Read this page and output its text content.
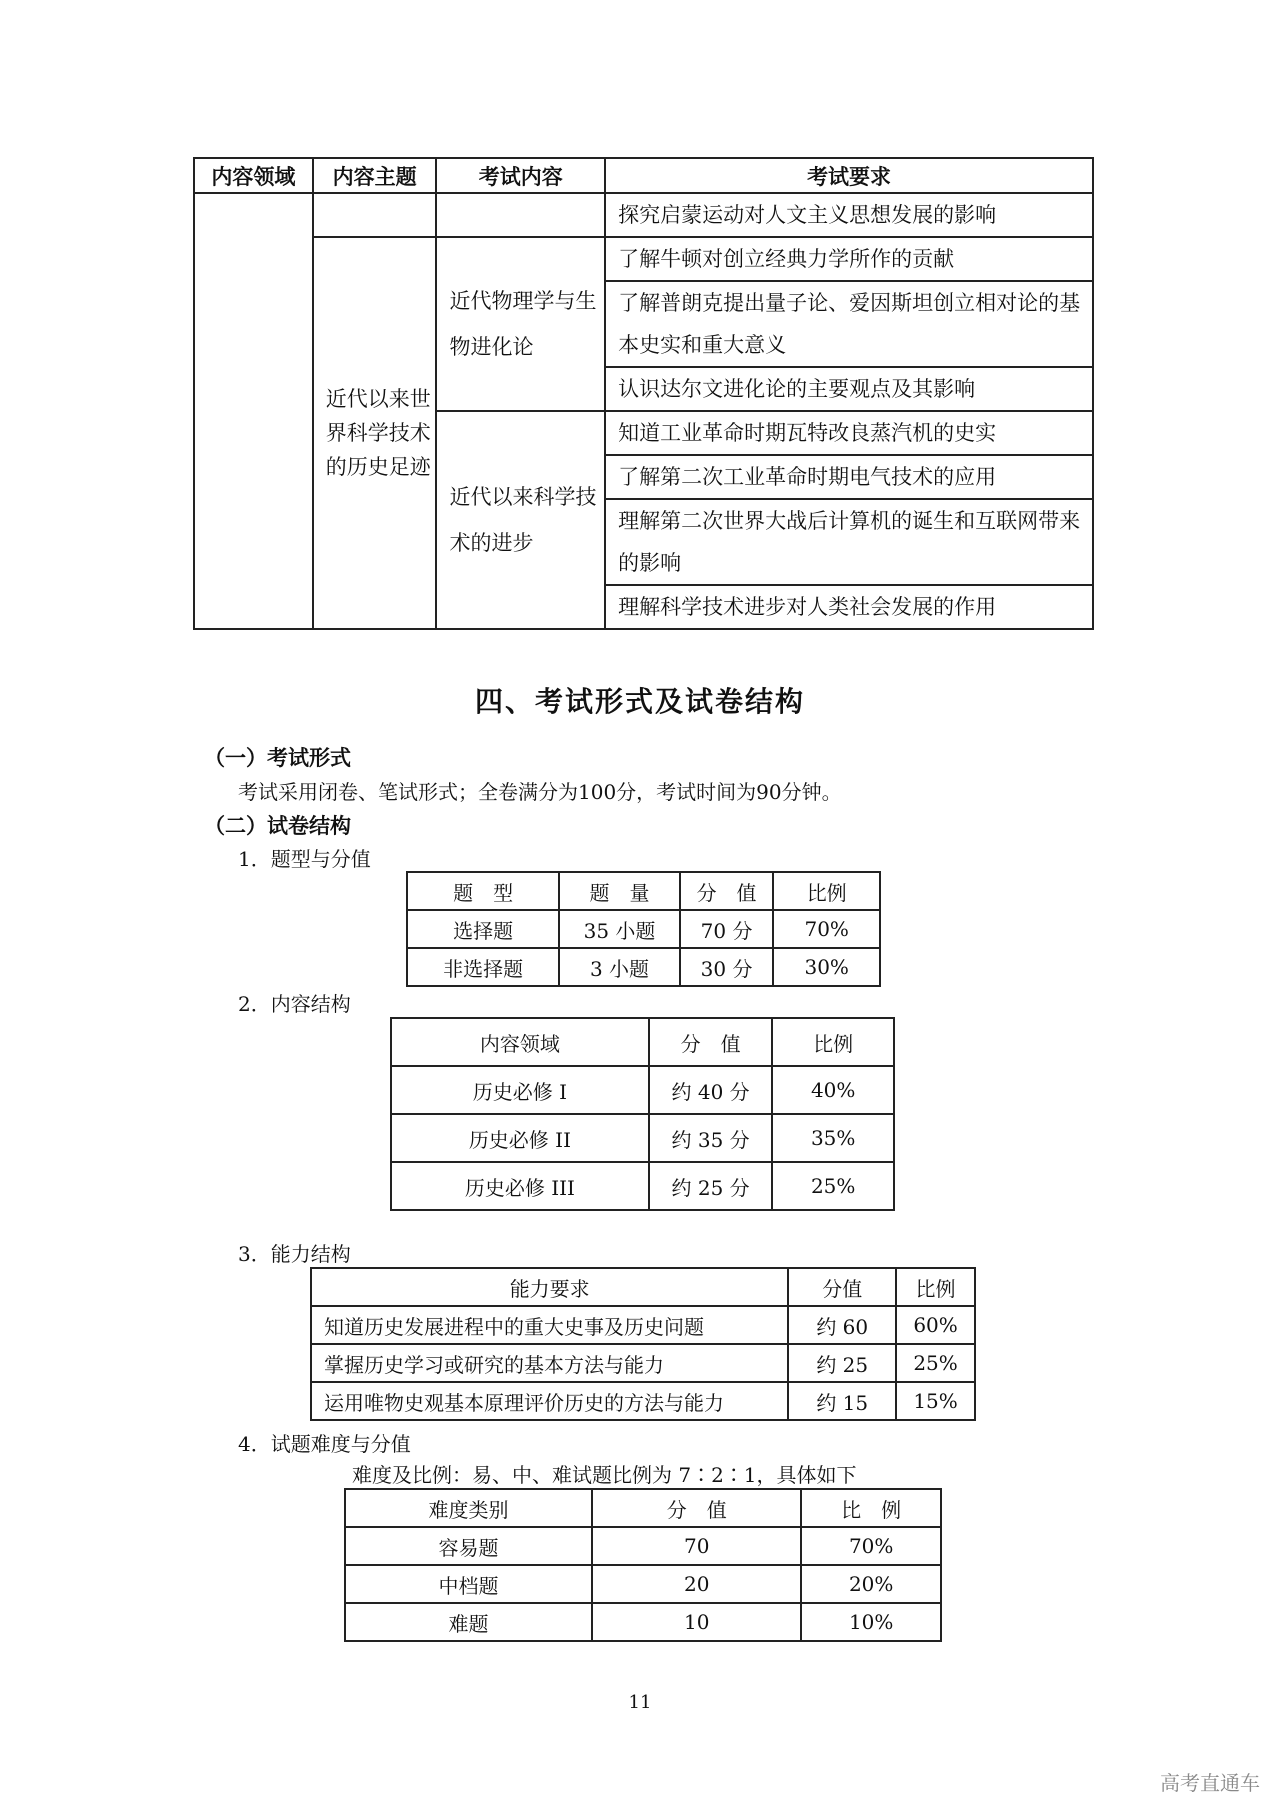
内容领域	内容主题	考试内容	考试要求
			探究启蒙运动对人文主义思想发展的影响
	近代以来世界科学技术的历史足迹	近代物理学与生物进化论	了解牛顿对创立经典力学所作的贡献
			了解普朗克提出量子论、爱因斯坦创立相对论的基本史实和重大意义
			认识达尔文进化论的主要观点及其影响
		近代以来科学技术的进步	知道工业革命时期瓦特改良蒸汽机的史实
			了解第二次工业革命时期电气技术的应用
			理解第二次世界大战后计算机的诞生和互联网带来的影响
			理解科学技术进步对人类社会发展的作用
四、考试形式及试卷结构
（一）考试形式
考试采用闭卷、笔试形式；全卷满分为100分，考试时间为90分钟。
（二）试卷结构
1．题型与分值
题　型	题　量	分　值	比例
选择题	35 小题	70 分	70%
非选择题	3 小题	30 分	30%
2．内容结构
内容领域	分　值	比例
历史必修 I	约 40 分	40%
历史必修 II	约 35 分	35%
历史必修 III	约 25 分	25%
3．能力结构
能力要求	分值	比例
知道历史发展进程中的重大史事及历史问题	约 60	60%
掌握历史学习或研究的基本方法与能力	约 25	25%
运用唯物史观基本原理评价历史的方法与能力	约 15	15%
4．试题难度与分值
难度及比例：易、中、难试题比例为 7∶2∶1，具体如下
难度类别	分　值	比　例
容易题	70	70%
中档题	20	20%
难题	10	10%
11
高考直通车
